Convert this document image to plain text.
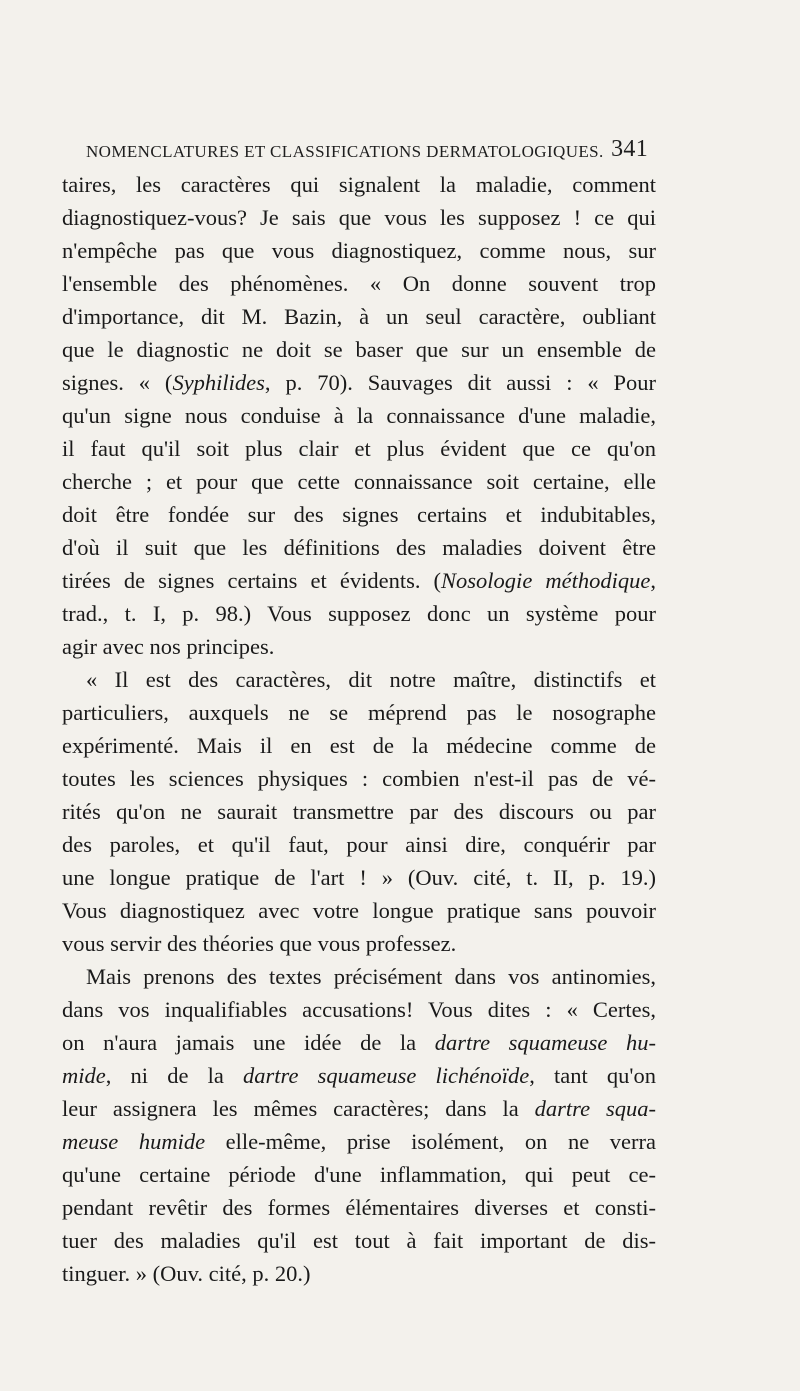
NOMENCLATURES ET CLASSIFICATIONS DERMATOLOGIQUES. 341
taires, les caractères qui signalent la maladie, comment
diagnostiquez-vous? Je sais que vous les supposez ! ce qui
n'empêche pas que vous diagnostiquez, comme nous, sur
l'ensemble des phénomènes. « On donne souvent trop
d'importance, dit M. Bazin, à un seul caractère, oubliant
que le diagnostic ne doit se baser que sur un ensemble de
signes. « (Syphilides, p. 70). Sauvages dit aussi : « Pour
qu'un signe nous conduise à la connaissance d'une maladie,
il faut qu'il soit plus clair et plus évident que ce qu'on
cherche ; et pour que cette connaissance soit certaine, elle
doit être fondée sur des signes certains et indubitables,
d'où il suit que les définitions des maladies doivent être
tirées de signes certains et évidents. (Nosologie méthodique,
trad., t. I, p. 98.) Vous supposez donc un système pour
agir avec nos principes.
« Il est des caractères, dit notre maître, distinctifs et
particuliers, auxquels ne se méprend pas le nosographe
expérimenté. Mais il en est de la médecine comme de
toutes les sciences physiques : combien n'est-il pas de vé-
rités qu'on ne saurait transmettre par des discours ou par
des paroles, et qu'il faut, pour ainsi dire, conquérir par
une longue pratique de l'art ! » (Ouv. cité, t. II, p. 19.)
Vous diagnostiquez avec votre longue pratique sans pouvoir
vous servir des théories que vous professez.
Mais prenons des textes précisément dans vos antinomies,
dans vos inqualifiables accusations! Vous dites : « Certes,
on n'aura jamais une idée de la dartre squameuse hu-
mide, ni de la dartre squameuse lichénoïde, tant qu'on
leur assignera les mêmes caractères; dans la dartre squa-
meuse humide elle-même, prise isolément, on ne verra
qu'une certaine période d'une inflammation, qui peut ce-
pendant revêtir des formes élémentaires diverses et consti-
tuer des maladies qu'il est tout à fait important de dis-
tinguer. » (Ouv. cité, p. 20.)
